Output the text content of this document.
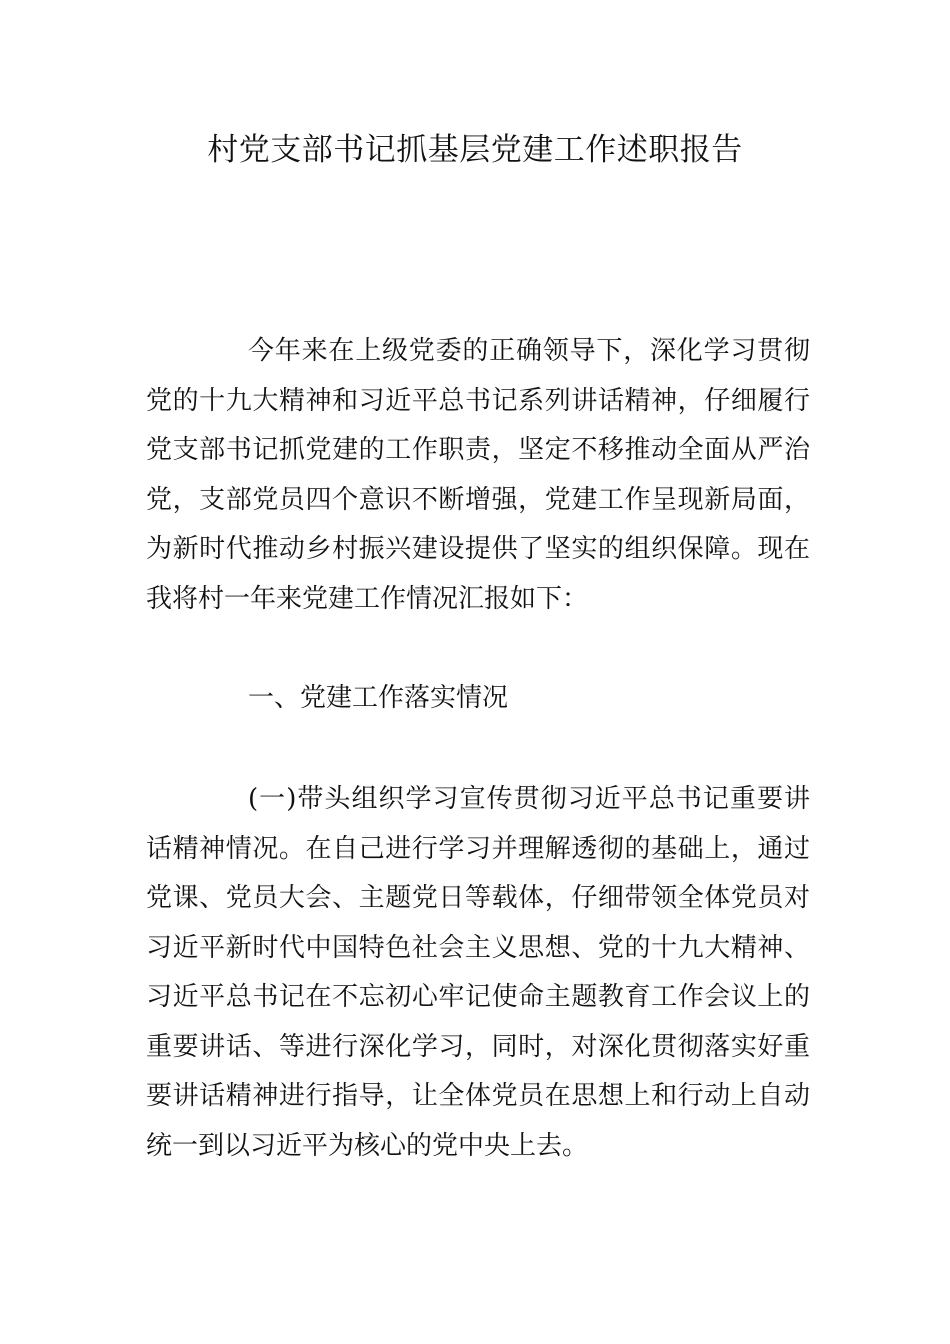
村党支部书记抓基层党建工作述职报告
今年来在上级党委的正确领导下，深化学习贯彻党的十九大精神和习近平总书记系列讲话精神，仔细履行党支部书记抓党建的工作职责，坚定不移推动全面从严治党，支部党员四个意识不断增强，党建工作呈现新局面，为新时代推动乡村振兴建设提供了坚实的组织保障。现在我将村一年来党建工作情况汇报如下：
一、党建工作落实情况
(一)带头组织学习宣传贯彻习近平总书记重要讲话精神情况。在自己进行学习并理解透彻的基础上，通过党课、党员大会、主题党日等载体，仔细带领全体党员对习近平新时代中国特色社会主义思想、党的十九大精神、习近平总书记在不忘初心牢记使命主题教育工作会议上的重要讲话、等进行深化学习，同时，对深化贯彻落实好重要讲话精神进行指导，让全体党员在思想上和行动上自动统一到以习近平为核心的党中央上去。
